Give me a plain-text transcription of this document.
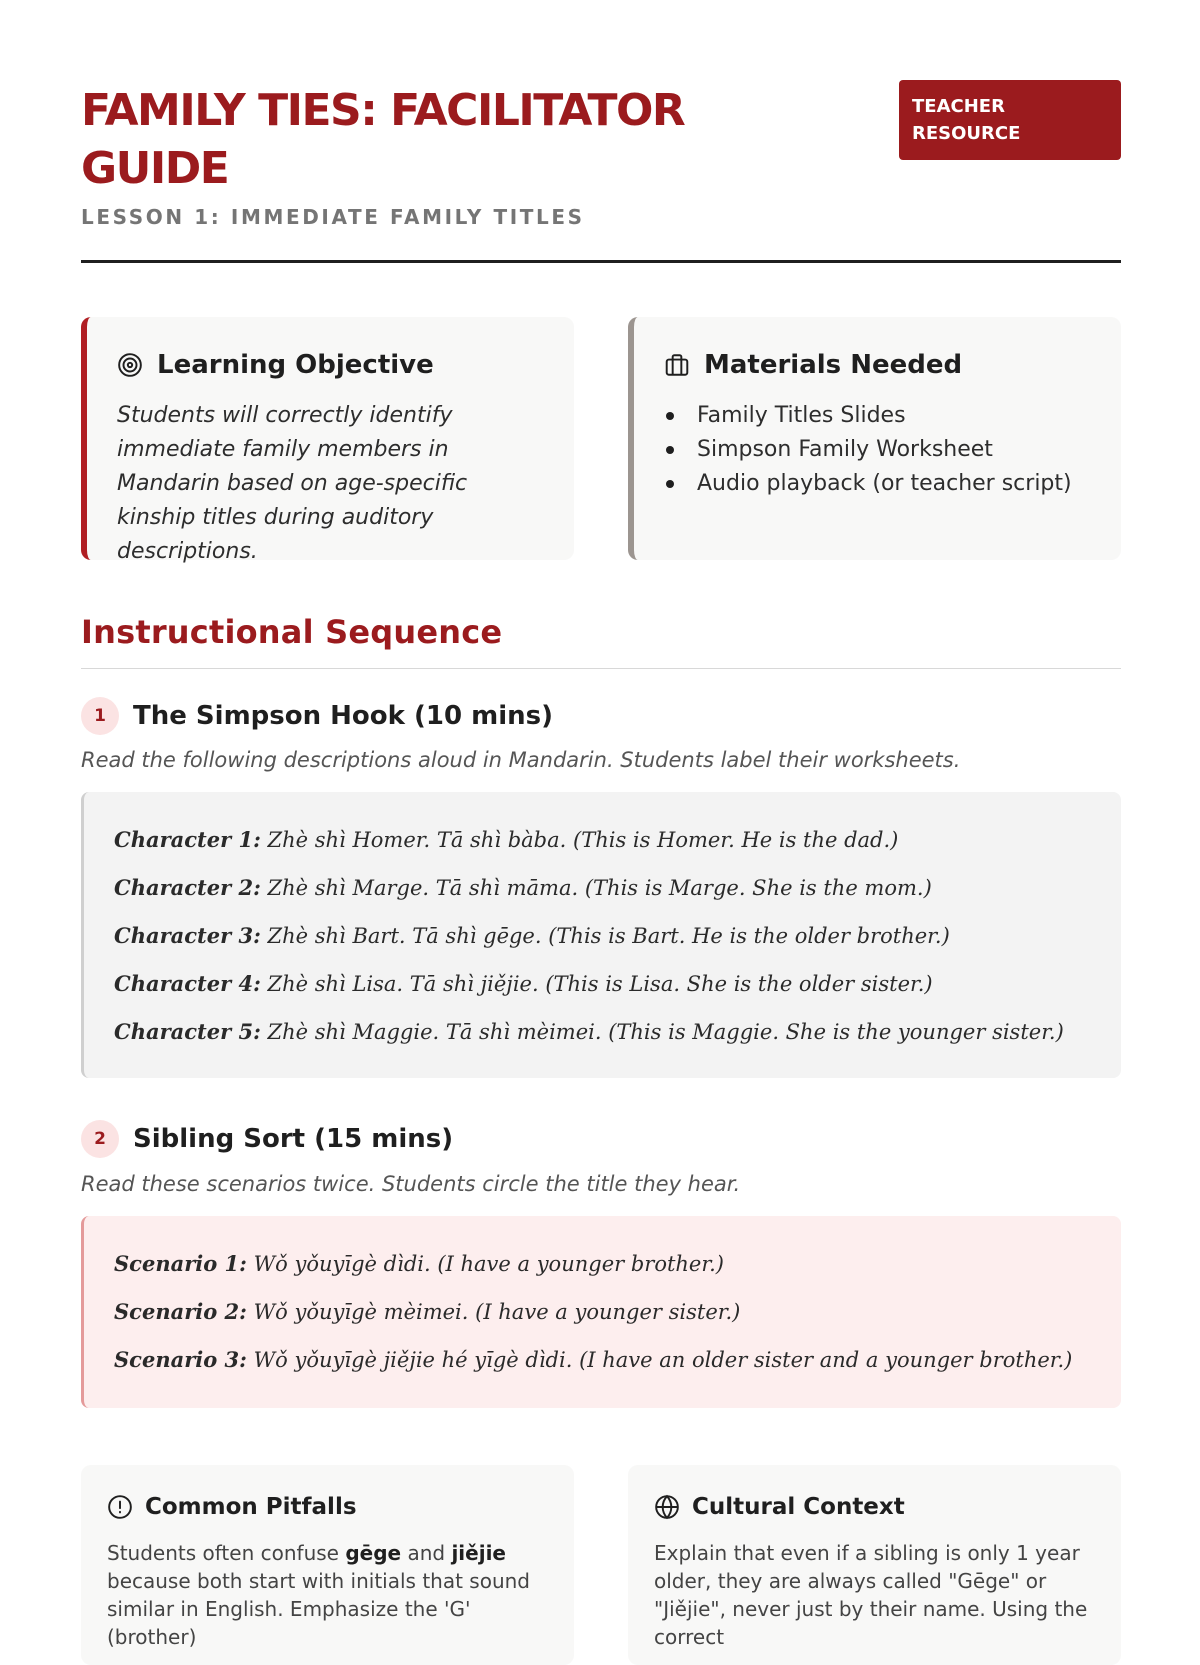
FAMILY TIES: FACILITATOR GUIDE
LESSON 1: IMMEDIATE FAMILY TITLES
TEACHER RESOURCE
Learning Objective
Students will correctly identify immediate family members in Mandarin based on age-specific kinship titles during auditory descriptions.
Materials Needed
Family Titles Slides
Simpson Family Worksheet
Audio playback (or teacher script)
Instructional Sequence
1	The Simpson Hook (10 mins)

Read the following descriptions aloud in Mandarin. Students label their worksheets.

Character 1: Zhè shì Homer. Tā shì bàba. (This is Homer. He is the dad.)
Character 2: Zhè shì Marge. Tā shì māma. (This is Marge. She is the mom.)
Character 3: Zhè shì Bart. Tā shì gēge. (This is Bart. He is the older brother.)
Character 4: Zhè shì Lisa. Tā shì jiějie. (This is Lisa. She is the older sister.)
Character 5: Zhè shì Maggie. Tā shì mèimei. (This is Maggie. She is the younger sister.)
2	Sibling Sort (15 mins)

Read these scenarios twice. Students circle the title they hear.

Scenario 1: Wǒ yǒuyīgè dìdi. (I have a younger brother.)
Scenario 2: Wǒ yǒuyīgè mèimei. (I have a younger sister.)
Scenario 3: Wǒ yǒuyīgè jiějie hé yīgè dìdi. (I have an older sister and a younger brother.)
Common Pitfalls
Students often confuse gēge and jiějie because both start with initials that sound similar in English. Emphasize the 'G' (brother)
Cultural Context
Explain that even if a sibling is only 1 year older, they are always called "Gēge" or "Jiějie", never just by their name. Using the correct
